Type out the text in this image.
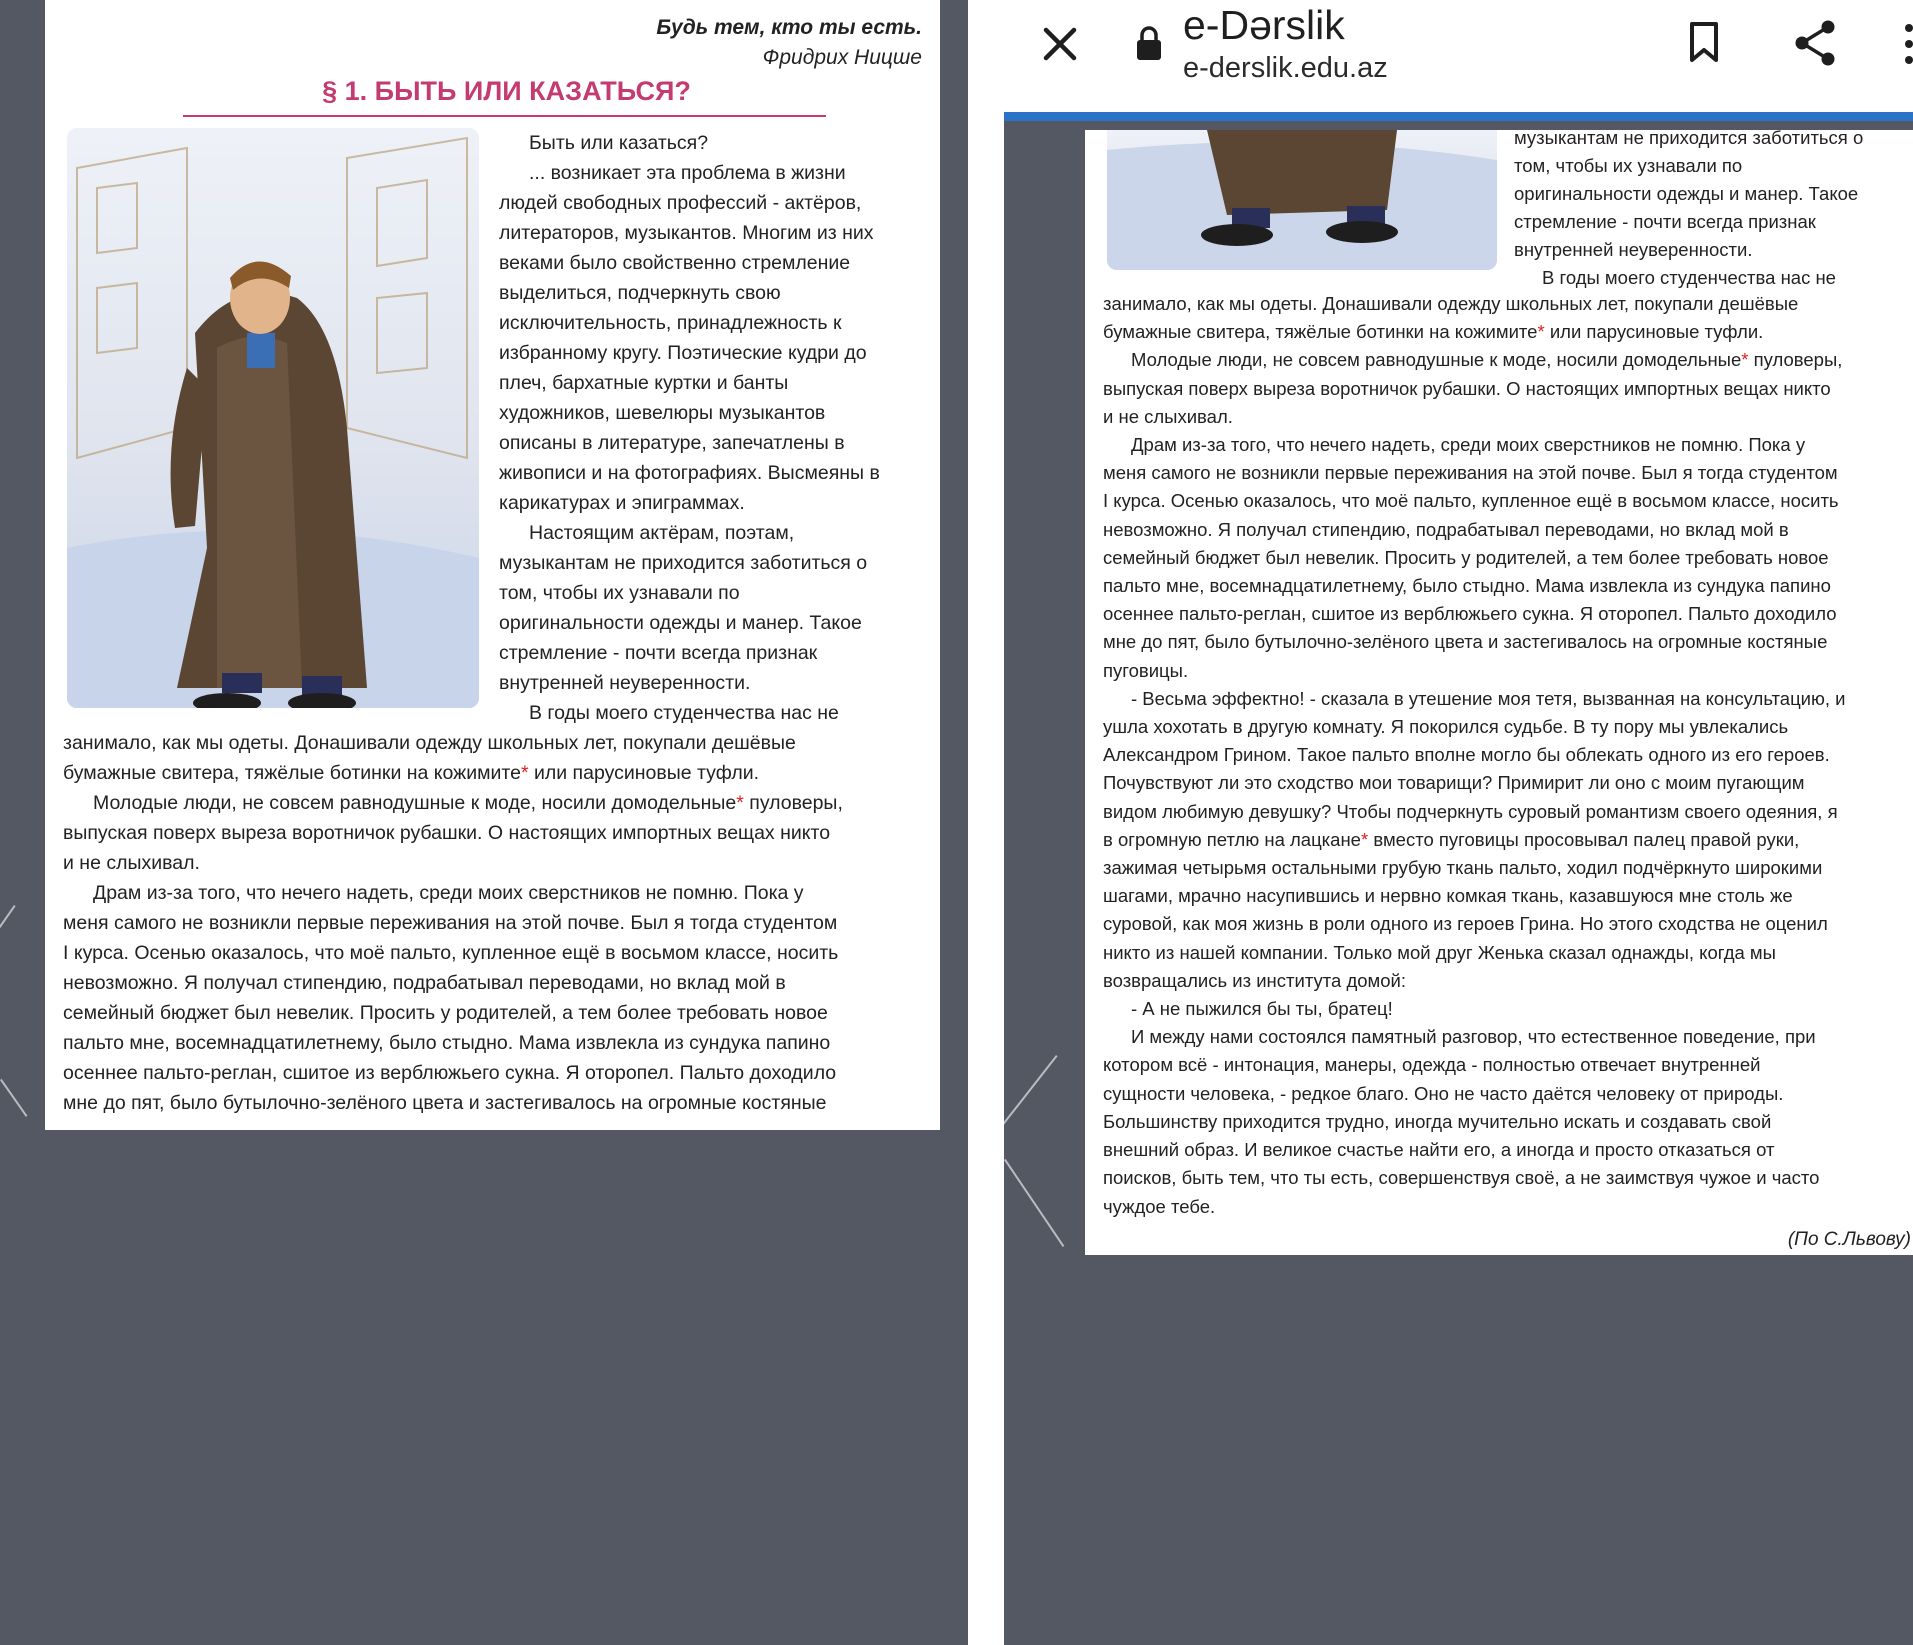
Будь тем, кто ты есть.
Фридрих Ницше
§ 1. БЫТЬ ИЛИ КАЗАТЬСЯ?
Быть или казаться?
... возникает эта проблема в жизни
людей свободных профессий - актёров,
литераторов, музыкантов. Многим из них
веками было свойственно стремление
выделиться, подчеркнуть свою
исключительность, принадлежность к
избранному кругу. Поэтические кудри до
плеч, бархатные куртки и банты
художников, шевелюры музыкантов
описаны в литературе, запечатлены в
живописи и на фотографиях. Высмеяны в
карикатурах и эпиграммах.
Настоящим актёрам, поэтам,
музыкантам не приходится заботиться о
том, чтобы их узнавали по
оригинальности одежды и манер. Такое
стремление - почти всегда признак
внутренней неуверенности.
В годы моего студенчества нас не
занимало, как мы одеты. Донашивали одежду школьных лет, покупали дешёвые
бумажные свитера, тяжёлые ботинки на кожимите* или парусиновые туфли.
Молодые люди, не совсем равнодушные к моде, носили домодельные* пуловеры,
выпуская поверх выреза воротничок рубашки. О настоящих импортных вещах никто
и не слыхивал.
Драм из-за того, что нечего надеть, среди моих сверстников не помню. Пока у
меня самого не возникли первые переживания на этой почве. Был я тогда студентом
I курса. Осенью оказалось, что моё пальто, купленное ещё в восьмом классе, носить
невозможно. Я получал стипендию, подрабатывал переводами, но вклад мой в
семейный бюджет был невелик. Просить у родителей, а тем более требовать новое
пальто мне, восемнадцатилетнему, было стыдно. Мама извлекла из сундука папино
осеннее пальто-реглан, сшитое из верблюжьего сукна. Я оторопел. Пальто доходило
мне до пят, было бутылочно-зелёного цвета и застегивалось на огромные костяные
музыкантам не приходится заботиться о
том, чтобы их узнавали по
оригинальности одежды и манер. Такое
стремление - почти всегда признак
внутренней неуверенности.
В годы моего студенчества нас не
занимало, как мы одеты. Донашивали одежду школьных лет, покупали дешёвые
бумажные свитера, тяжёлые ботинки на кожимите* или парусиновые туфли.
Молодые люди, не совсем равнодушные к моде, носили домодельные* пуловеры,
выпуская поверх выреза воротничок рубашки. О настоящих импортных вещах никто
и не слыхивал.
Драм из-за того, что нечего надеть, среди моих сверстников не помню. Пока у
меня самого не возникли первые переживания на этой почве. Был я тогда студентом
I курса. Осенью оказалось, что моё пальто, купленное ещё в восьмом классе, носить
невозможно. Я получал стипендию, подрабатывал переводами, но вклад мой в
семейный бюджет был невелик. Просить у родителей, а тем более требовать новое
пальто мне, восемнадцатилетнему, было стыдно. Мама извлекла из сундука папино
осеннее пальто-реглан, сшитое из верблюжьего сукна. Я оторопел. Пальто доходило
мне до пят, было бутылочно-зелёного цвета и застегивалось на огромные костяные
пуговицы.
- Весьма эффектно! - сказала в утешение моя тетя, вызванная на консультацию, и
ушла хохотать в другую комнату. Я покорился судьбе. В ту пору мы увлекались
Александром Грином. Такое пальто вполне могло бы облекать одного из его героев.
Почувствуют ли это сходство мои товарищи? Примирит ли оно с моим пугающим
видом любимую девушку? Чтобы подчеркнуть суровый романтизм своего одеяния, я
в огромную петлю на лацкане* вместо пуговицы просовывал палец правой руки,
зажимая четырьмя остальными грубую ткань пальто, ходил подчёркнуто широкими
шагами, мрачно насупившись и нервно комкая ткань, казавшуюся мне столь же
суровой, как моя жизнь в роли одного из героев Грина. Но этого сходства не оценил
никто из нашей компании. Только мой друг Женька сказал однажды, когда мы
возвращались из института домой:
- А не пыжился бы ты, братец!
И между нами состоялся памятный разговор, что естественное поведение, при
котором всё - интонация, манеры, одежда - полностью отвечает внутренней
сущности человека, - редкое благо. Оно не часто даётся человеку от природы.
Большинству приходится трудно, иногда мучительно искать и создавать свой
внешний образ. И великое счастье найти его, а иногда и просто отказаться от
поисков, быть тем, что ты есть, совершенствуя своё, а не заимствуя чужое и часто
чуждое тебе.
(По С.Львову)
e-Dərslik
e-derslik.edu.az
